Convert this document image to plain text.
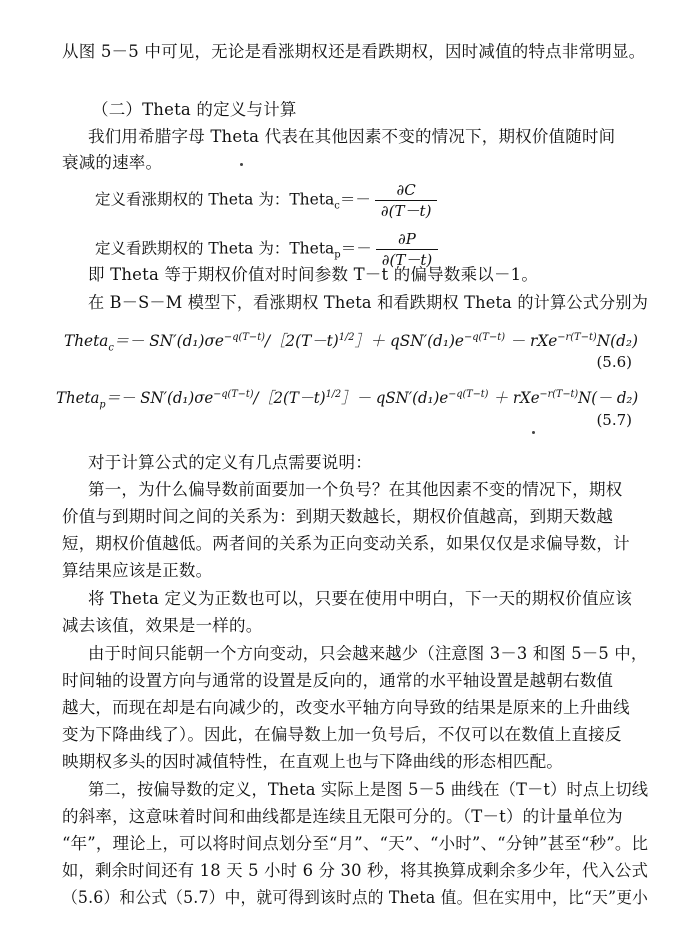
从图 5－5 中可见，无论是看涨期权还是看跌期权，因时减值的特点非常明显。
（二）Theta 的定义与计算
我们用希腊字母 Theta 代表在其他因素不变的情况下，期权价值随时间
衰减的速率。
定义看涨期权的 Theta 为：Theta$_c$＝－ $\frac{\partial C}{\partial(T-t)}$
定义看跌期权的 Theta 为：Theta$_p$＝－ $\frac{\partial P}{\partial(T-t)}$
即 Theta 等于期权价值对时间参数 T－t 的偏导数乘以－1。
在 B－S－M 模型下，看涨期权 Theta 和看跌期权 Theta 的计算公式分别为
Theta$_c$＝－ $SN'(d_1)\sigma e^{-q(T-t)}/[2(T-t)^{1/2}]+ qSN'(d_1)e^{-q(T-t)} - rXe^{-r(T-t)}N(d_2)$
(5.6)
Theta$_p$＝－ $SN'(d_1)\sigma e^{-q(T-t)}/[2(T-t)^{1/2}]- qSN'(d_1)e^{-q(T-t)} + rXe^{-r(T-t)}N(- d_2)$
(5.7)
对于计算公式的定义有几点需要说明：
第一，为什么偏导数前面要加一个负号？在其他因素不变的情况下，期权
价值与到期时间之间的关系为：到期天数越长，期权价值越高，到期天数越
短，期权价值越低。两者间的关系为正向变动关系，如果仅仅是求偏导数，计
算结果应该是正数。
将 Theta 定义为正数也可以，只要在使用中明白，下一天的期权价值应该
减去该值，效果是一样的。
由于时间只能朝一个方向变动，只会越来越少（注意图 3－3 和图 5－5 中，
时间轴的设置方向与通常的设置是反向的，通常的水平轴设置是越朝右数值
越大，而现在却是右向减少的，改变水平轴方向导致的结果是原来的上升曲线
变为下降曲线了）。因此，在偏导数上加一负号后，不仅可以在数值上直接反
映期权多头的因时减值特性，在直观上也与下降曲线的形态相匹配。
第二，按偏导数的定义，Theta 实际上是图 5－5 曲线在（T－t）时点上切线
的斜率，这意味着时间和曲线都是连续且无限可分的。（T－t）的计量单位为
“年”，理论上，可以将时间点划分至“月”、“天”、“小时”、“分钟”甚至“秒”。比
如，剩余时间还有 18 天 5 小时 6 分 30 秒，将其换算成剩余多少年，代入公式
（5.6）和公式（5.7）中，就可得到该时点的 Theta 值。但在实用中，比“天”更小
